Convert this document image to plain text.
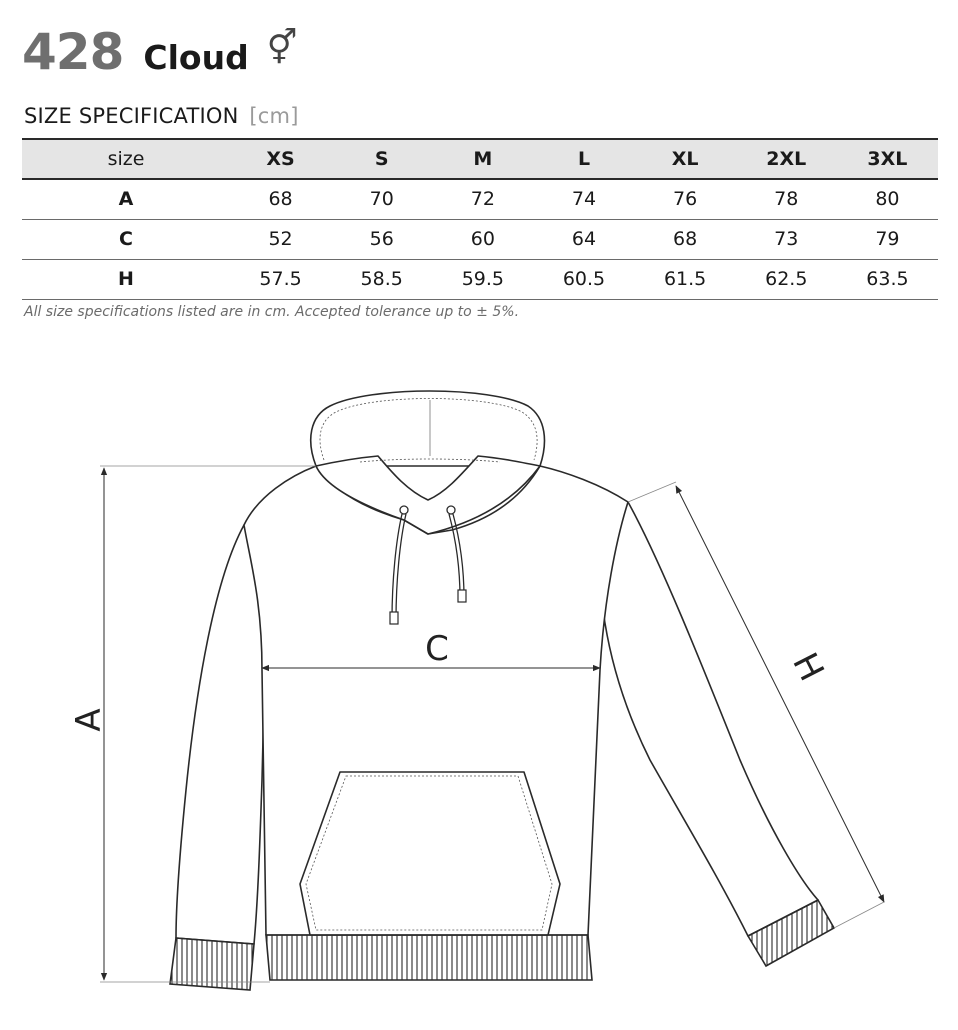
428 Cloud ⚥
SIZE SPECIFICATION [cm]
size	XS	S	M	L	XL	2XL	3XL
A	68	70	72	74	76	78	80
C	52	56	60	64	68	73	79
H	57.5	58.5	59.5	60.5	61.5	62.5	63.5
All size specifications listed are in cm. Accepted tolerance up to ± 5%.
A
C	H
